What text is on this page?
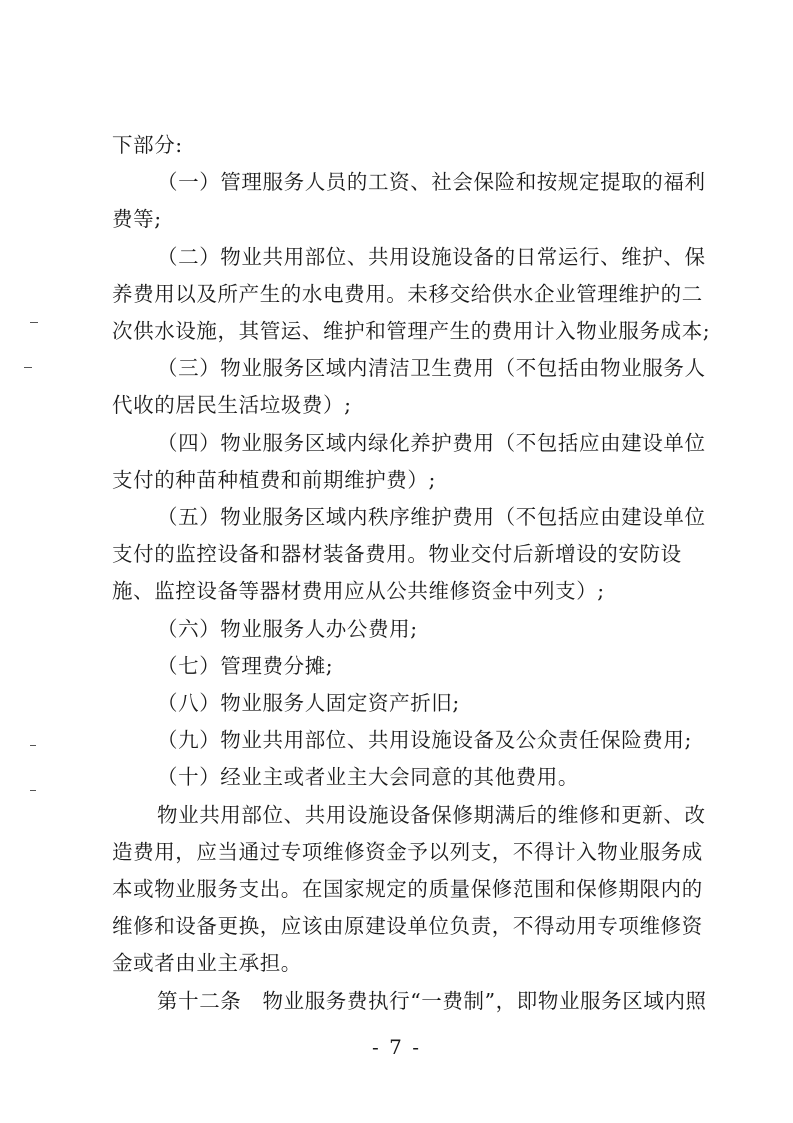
下部分:

（一）管理服务人员的工资、社会保险和按规定提取的福利

费等;

（二）物业共用部位、共用设施设备的日常运行、维护、保

养费用以及所产生的水电费用。未移交给供水企业管理维护的二

次供水设施，其管运、维护和管理产生的费用计入物业服务成本;

（三）物业服务区域内清洁卫生费用（不包括由物业服务人

代收的居民生活垃圾费）;

（四）物业服务区域内绿化养护费用（不包括应由建设单位

支付的种苗种植费和前期维护费）;

（五）物业服务区域内秩序维护费用（不包括应由建设单位

支付的监控设备和器材装备费用。物业交付后新增设的安防设

施、监控设备等器材费用应从公共维修资金中列支）;

（六）物业服务人办公费用;

（七）管理费分摊;

（八）物业服务人固定资产折旧;

（九）物业共用部位、共用设施设备及公众责任保险费用;

（十）经业主或者业主大会同意的其他费用。

物业共用部位、共用设施设备保修期满后的维修和更新、改

造费用，应当通过专项维修资金予以列支，不得计入物业服务成

本或物业服务支出。在国家规定的质量保修范围和保修期限内的

维修和设备更换，应该由原建设单位负责，不得动用专项维修资

金或者由业主承担。

第十二条　物业服务费执行“一费制”，即物业服务区域内照

- 7 -
